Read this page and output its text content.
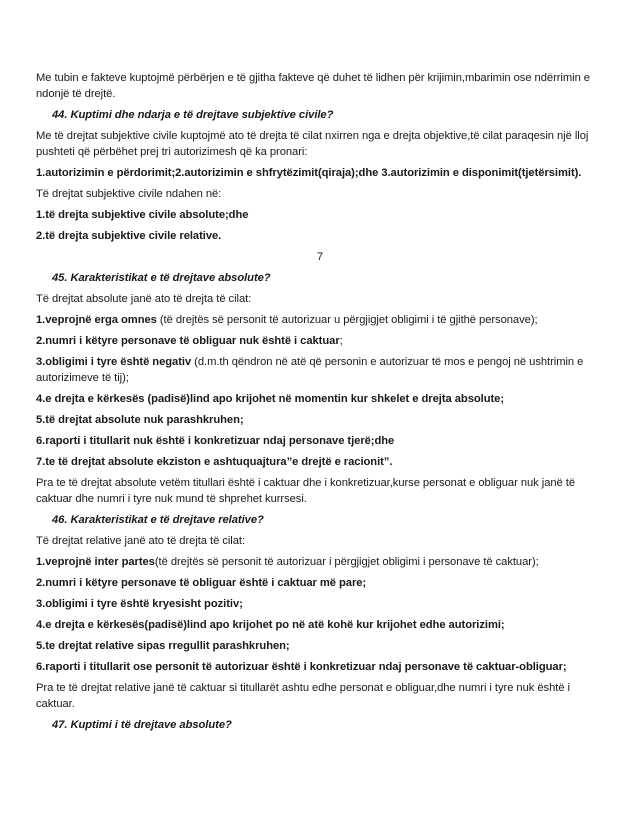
Me tubin e fakteve kuptojmë përbërjen e të gjitha fakteve që duhet të lidhen për krijimin,mbarimin ose ndërrimin e ndonjë të drejtë.
44. Kuptimi dhe ndarja e të drejtave subjektive civile?
Me të drejtat subjektive civile kuptojmë ato të drejta të cilat nxirren nga e drejta objektive,të cilat paraqesin një lloj pushteti që përbëhet prej tri autorizimesh që ka pronari:
1.autorizimin e përdorimit;2.autorizimin e shfrytëzimit(qiraja);dhe 3.autorizimin e disponimit(tjetërsimit).
Të drejtat subjektive civile ndahen në:
1.të drejta subjektive civile absolute;dhe
2.të drejta subjektive civile relative.
7
45. Karakteristikat e të drejtave absolute?
Të drejtat absolute janë ato të drejta të cilat:
1.veprojnë erga omnes (të drejtës së personit të autorizuar u përgjigjet obligimi i të gjithë personave);
2.numri i këtyre personave të obliguar nuk është i caktuar;
3.obligimi i tyre është negativ (d.m.th qëndron në atë që personin e autorizuar të mos e pengoj në ushtrimin e autorizimeve të tij);
4.e drejta e kërkesës (padisë)lind apo krijohet në momentin kur shkelet e drejta absolute;
5.të drejtat absolute nuk parashkruhen;
6.raporti i titullarit nuk është i konkretizuar ndaj personave tjerë;dhe
7.te të drejtat absolute ekziston e ashtuquajtura”e drejtë e racionit”.
Pra te të drejtat absolute vetëm titullari është i caktuar dhe i konkretizuar,kurse personat e obliguar nuk janë të caktuar dhe numri i tyre nuk mund të shprehet kurrsesi.
46. Karakteristikat e të drejtave relative?
Të drejtat relative janë ato të drejta të cilat:
1.veprojnë inter partes(të drejtës së personit të autorizuar i përgjigjet obligimi i personave të caktuar);
2.numri i këtyre personave të obliguar është i caktuar më pare;
3.obligimi i tyre është kryesisht pozitiv;
4.e drejta e kërkesës(padisë)lind apo krijohet po në atë kohë kur krijohet edhe autorizimi;
5.te drejtat relative sipas rregullit parashkruhen;
6.raporti i titullarit ose personit të autorizuar është i konkretizuar ndaj personave të caktuar-obliguar;
Pra te të drejtat relative janë të caktuar si titullarët ashtu edhe personat e obliguar,dhe numri i tyre nuk është i caktuar.
47. Kuptimi i të drejtave absolute?
